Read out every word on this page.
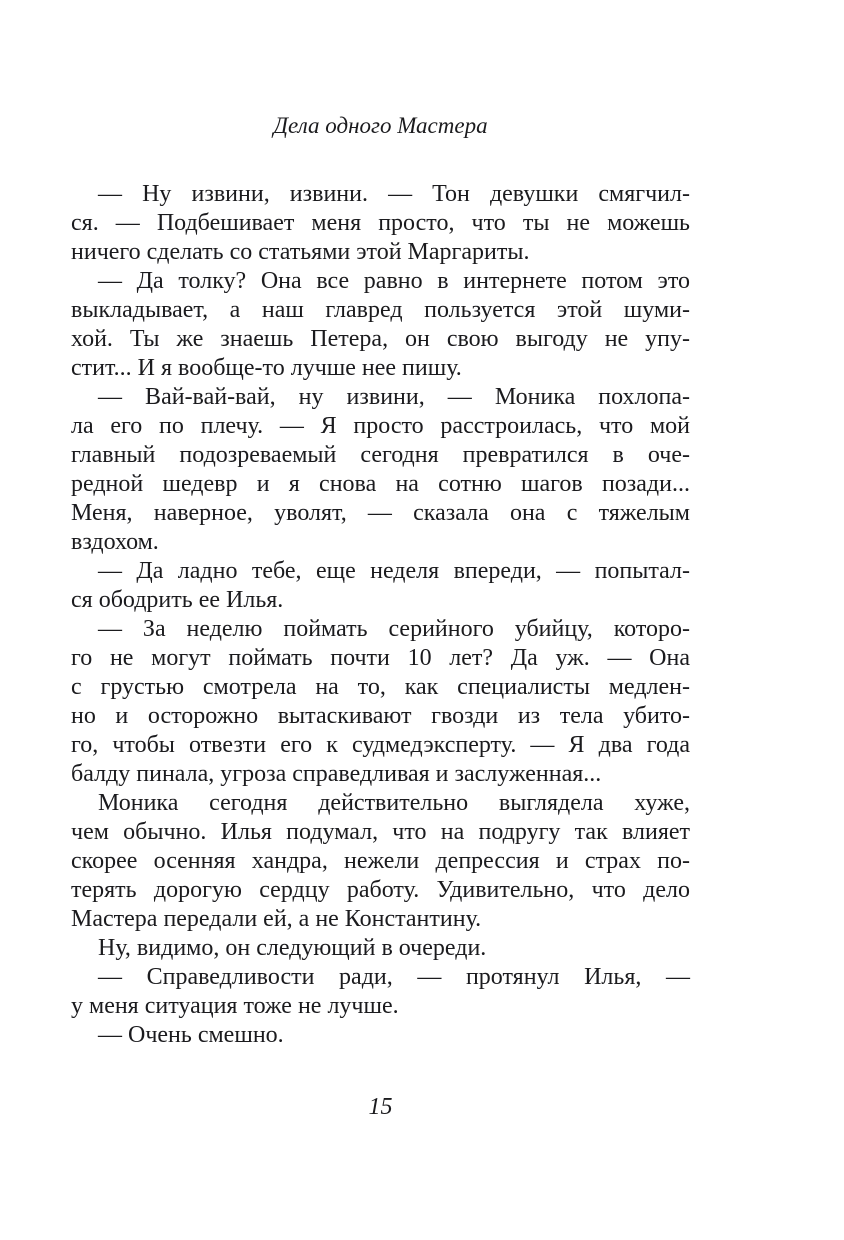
Дела одного Мастера
— Ну извини, извини. — Тон девушки смягчил-
ся. — Подбешивает меня просто, что ты не можешь
ничего сделать со статьями этой Маргариты.
— Да толку? Она все равно в интернете потом это
выкладывает, а наш главред пользуется этой шуми-
хой. Ты же знаешь Петера, он свою выгоду не упу-
стит... И я вообще-то лучше нее пишу.
— Вай-вай-вай, ну извини, — Моника похлопа-
ла его по плечу. — Я просто расстроилась, что мой
главный подозреваемый сегодня превратился в оче-
редной шедевр и я снова на сотню шагов позади...
Меня, наверное, уволят, — сказала она с тяжелым
вздохом.
— Да ладно тебе, еще неделя впереди, — попытал-
ся ободрить ее Илья.
— За неделю поймать серийного убийцу, которо-
го не могут поймать почти 10 лет? Да уж. — Она
с грустью смотрела на то, как специалисты медлен-
но и осторожно вытаскивают гвозди из тела убито-
го, чтобы отвезти его к судмедэксперту. — Я два года
балду пинала, угроза справедливая и заслуженная...
Моника сегодня действительно выглядела хуже,
чем обычно. Илья подумал, что на подругу так влияет
скорее осенняя хандра, нежели депрессия и страх по-
терять дорогую сердцу работу. Удивительно, что дело
Мастера передали ей, а не Константину.
Ну, видимо, он следующий в очереди.
— Справедливости ради, — протянул Илья, —
у меня ситуация тоже не лучше.
— Очень смешно.
15
